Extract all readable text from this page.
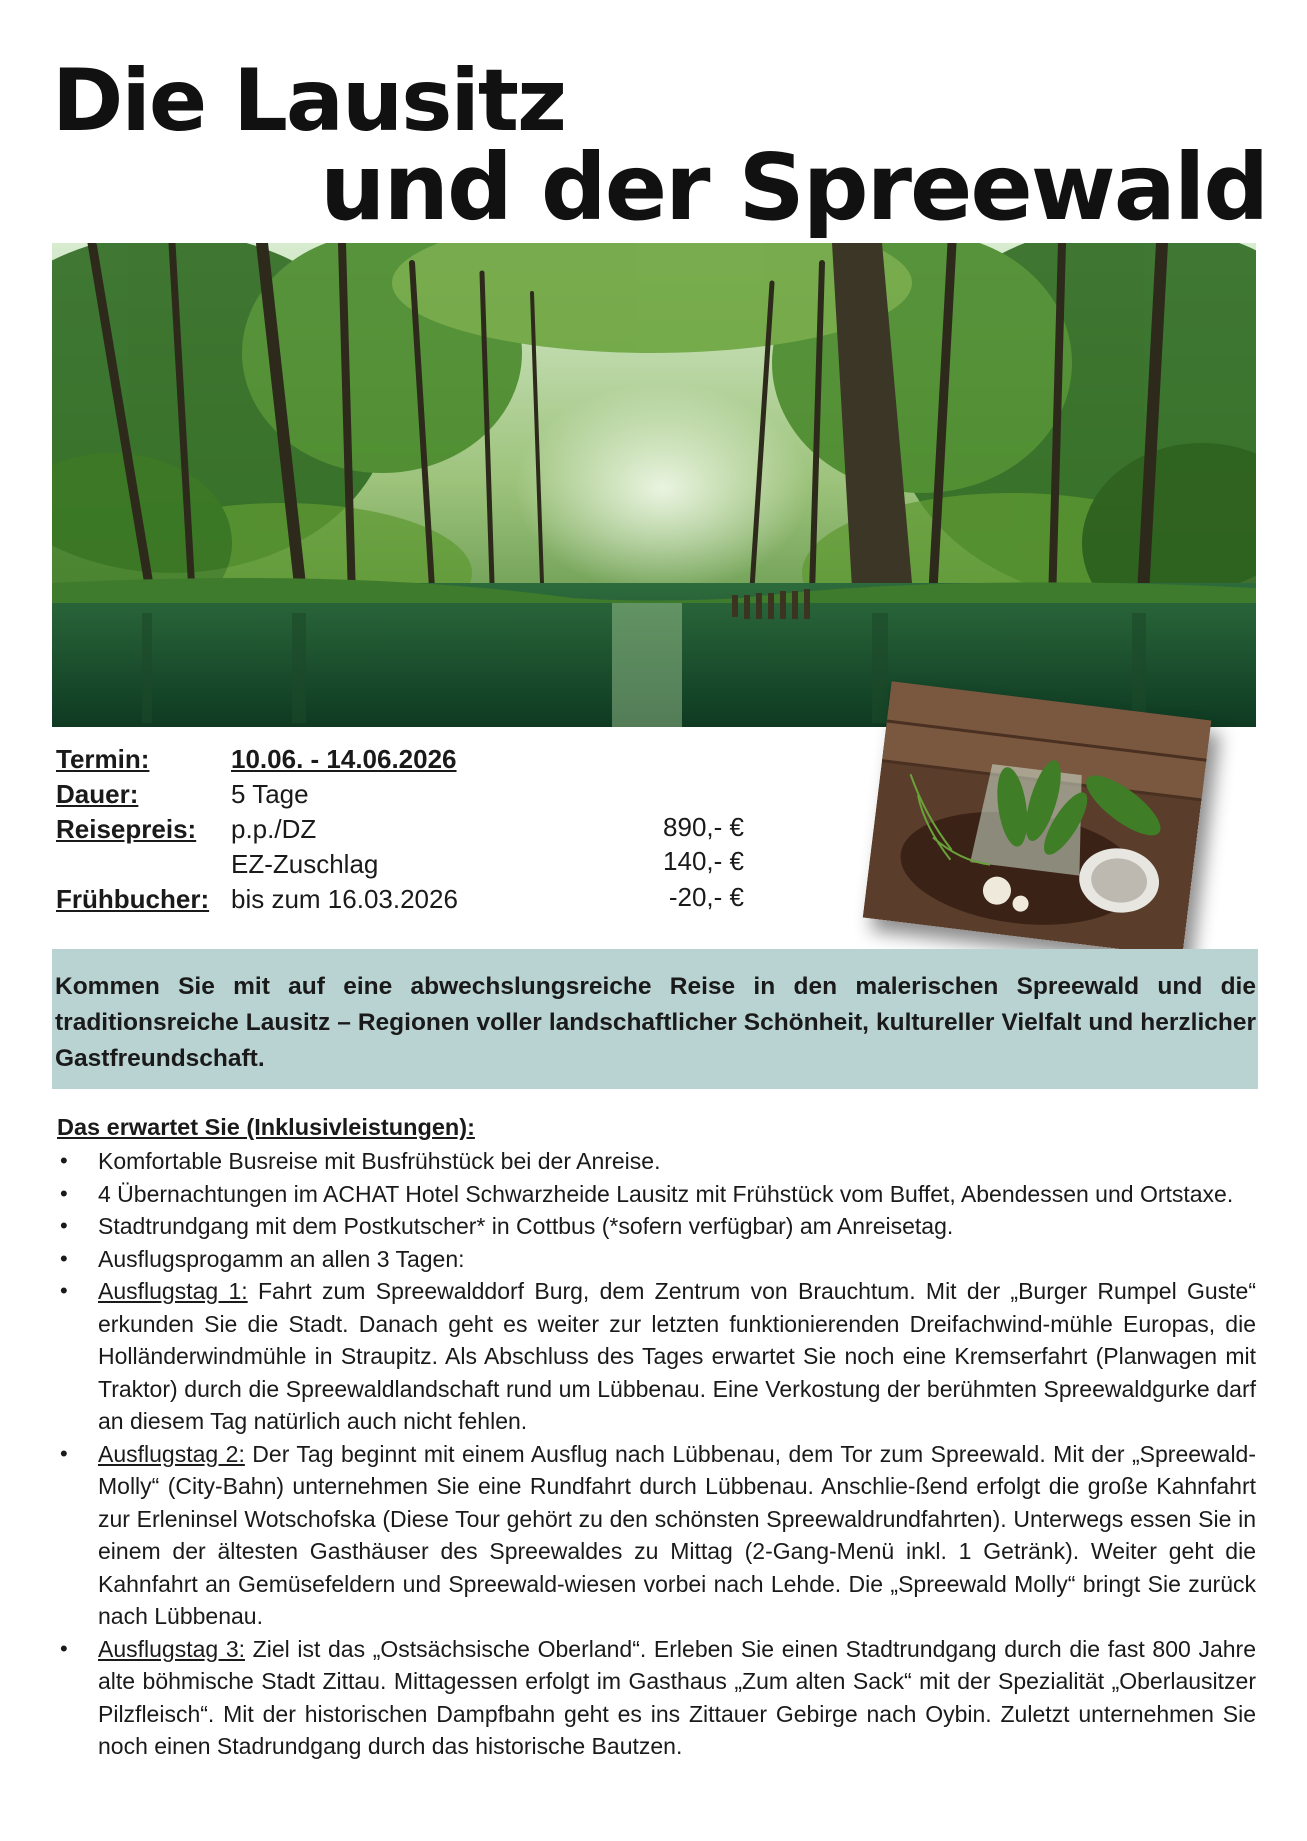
Die Lausitz
und der Spreewald
Termin:	10.06. - 14.06.2026
Dauer:	5 Tage
Reisepreis: p.p./DZ	890,- €
EZ-Zuschlag	140,- €
Frühbucher: bis zum 16.03.2026	-20,- €
Kommen Sie mit auf eine abwechslungsreiche Reise in den malerischen Spreewald und die traditionsreiche Lausitz – Regionen voller landschaftlicher Schönheit, kultureller Vielfalt und herzlicher Gastfreundschaft.
Das erwartet Sie (Inklusivleistungen):
• Komfortable Busreise mit Busfrühstück bei der Anreise.
• 4 Übernachtungen im ACHAT Hotel Schwarzheide Lausitz mit Frühstück vom Buffet, Abendessen und Ortstaxe.
• Stadtrundgang mit dem Postkutscher* in Cottbus (*sofern verfügbar) am Anreisetag.
• Ausflugsprogamm an allen 3 Tagen:
• Ausflugstag 1: Fahrt zum Spreewalddorf Burg, dem Zentrum von Brauchtum. Mit der „Burger Rumpel Guste“ erkunden Sie die Stadt. Danach geht es weiter zur letzten funktionierenden Dreifachwind-mühle Europas, die Holländerwindmühle in Straupitz. Als Abschluss des Tages erwartet Sie noch eine Kremserfahrt (Planwagen mit Traktor) durch die Spreewaldlandschaft rund um Lübbenau. Eine Verkostung der berühmten Spreewaldgurke darf an diesem Tag natürlich auch nicht fehlen.
• Ausflugstag 2: Der Tag beginnt mit einem Ausflug nach Lübbenau, dem Tor zum Spreewald. Mit der „Spreewald-Molly“ (City-Bahn) unternehmen Sie eine Rundfahrt durch Lübbenau. Anschlie-ßend erfolgt die große Kahnfahrt zur Erleninsel Wotschofska (Diese Tour gehört zu den schönsten Spreewaldrundfahrten). Unterwegs essen Sie in einem der ältesten Gasthäuser des Spreewaldes zu Mittag (2-Gang-Menü inkl. 1 Getränk). Weiter geht die Kahnfahrt an Gemüsefeldern und Spreewald-wiesen vorbei nach Lehde. Die „Spreewald Molly“ bringt Sie zurück nach Lübbenau.
• Ausflugstag 3: Ziel ist das „Ostsächsische Oberland“. Erleben Sie einen Stadtrundgang durch die fast 800 Jahre alte böhmische Stadt Zittau. Mittagessen erfolgt im Gasthaus „Zum alten Sack“ mit der Spezialität „Oberlausitzer Pilzfleisch“. Mit der historischen Dampfbahn geht es ins Zittauer Gebirge nach Oybin. Zuletzt unternehmen Sie noch einen Stadrundgang durch das historische Bautzen.
